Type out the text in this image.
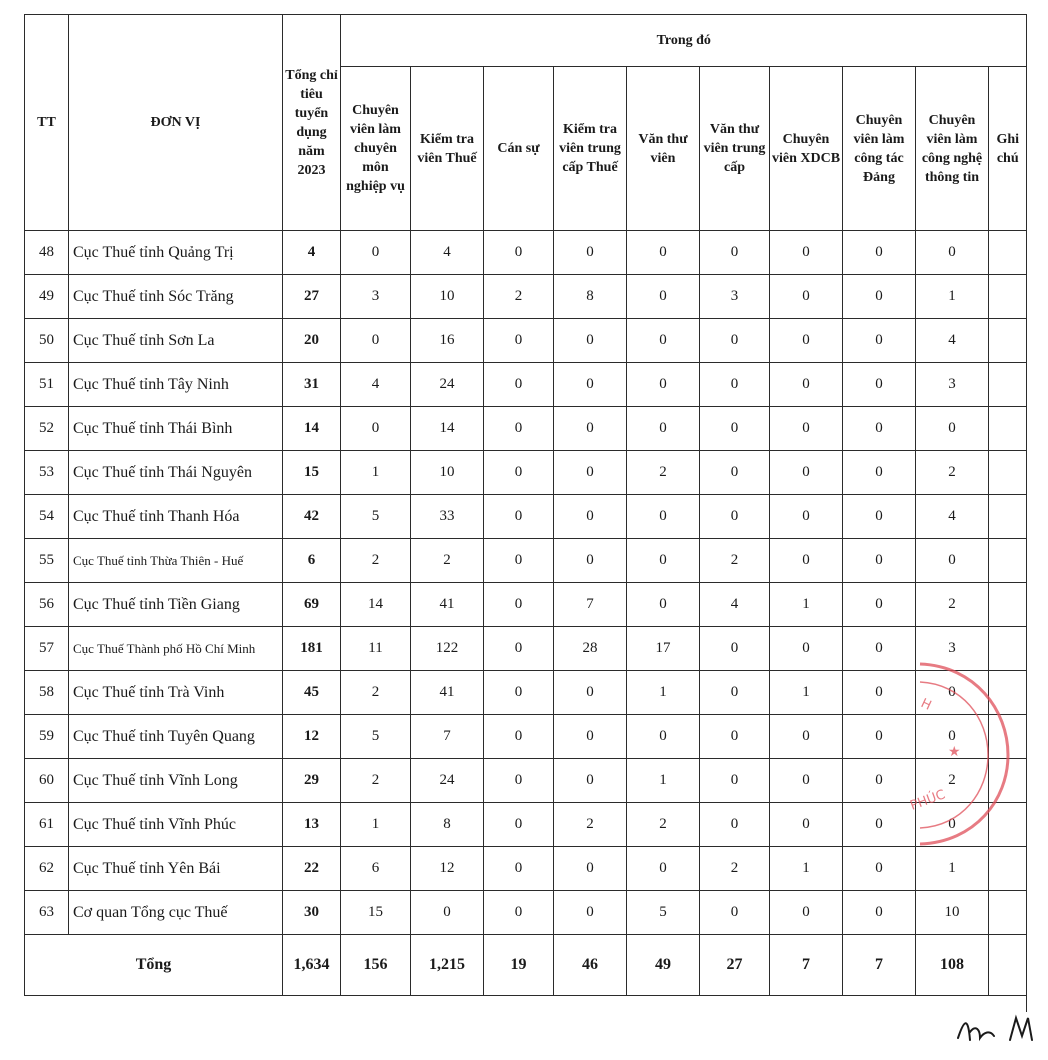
TT	ĐƠN VỊ	Tổng chỉ tiêu tuyển dụng năm 2023	Trong đó									
			Chuyên viên làm chuyên môn nghiệp vụ	Kiểm tra viên Thuế	Cán sự	Kiểm tra viên trung cấp Thuế	Văn thư viên	Văn thư viên trung cấp	Chuyên viên XDCB	Chuyên viên làm công tác Đảng	Chuyên viên làm công nghệ thông tin	Ghi chú
48	Cục Thuế tỉnh Quảng Trị	4	0	4	0	0	0	0	0	0	0	
49	Cục Thuế tỉnh Sóc Trăng	27	3	10	2	8	0	3	0	0	1	
50	Cục Thuế tỉnh Sơn La	20	0	16	0	0	0	0	0	0	4	
51	Cục Thuế tỉnh Tây Ninh	31	4	24	0	0	0	0	0	0	3	
52	Cục Thuế tỉnh Thái Bình	14	0	14	0	0	0	0	0	0	0	
53	Cục Thuế tỉnh Thái Nguyên	15	1	10	0	0	2	0	0	0	2	
54	Cục Thuế tỉnh Thanh Hóa	42	5	33	0	0	0	0	0	0	4	
55	Cục Thuế tỉnh Thừa Thiên - Huế	6	2	2	0	0	0	2	0	0	0	
56	Cục Thuế tỉnh Tiền Giang	69	14	41	0	7	0	4	1	0	2	
57	Cục Thuế Thành phố Hồ Chí Minh	181	11	122	0	28	17	0	0	0	3	
58	Cục Thuế tỉnh Trà Vinh	45	2	41	0	0	1	0	1	0	0	
59	Cục Thuế tỉnh Tuyên Quang	12	5	7	0	0	0	0	0	0	0	
60	Cục Thuế tỉnh Vĩnh Long	29	2	24	0	0	1	0	0	0	2	
61	Cục Thuế tỉnh Vĩnh Phúc	13	1	8	0	2	2	0	0	0	0	
62	Cục Thuế tỉnh Yên Bái	22	6	12	0	0	0	2	1	0	1	
63	Cơ quan Tổng cục Thuế	30	15	0	0	0	5	0	0	0	10	
Tổng		1,634	156	1,215	19	46	49	27	7	7	108	
H
PHÚC
★
